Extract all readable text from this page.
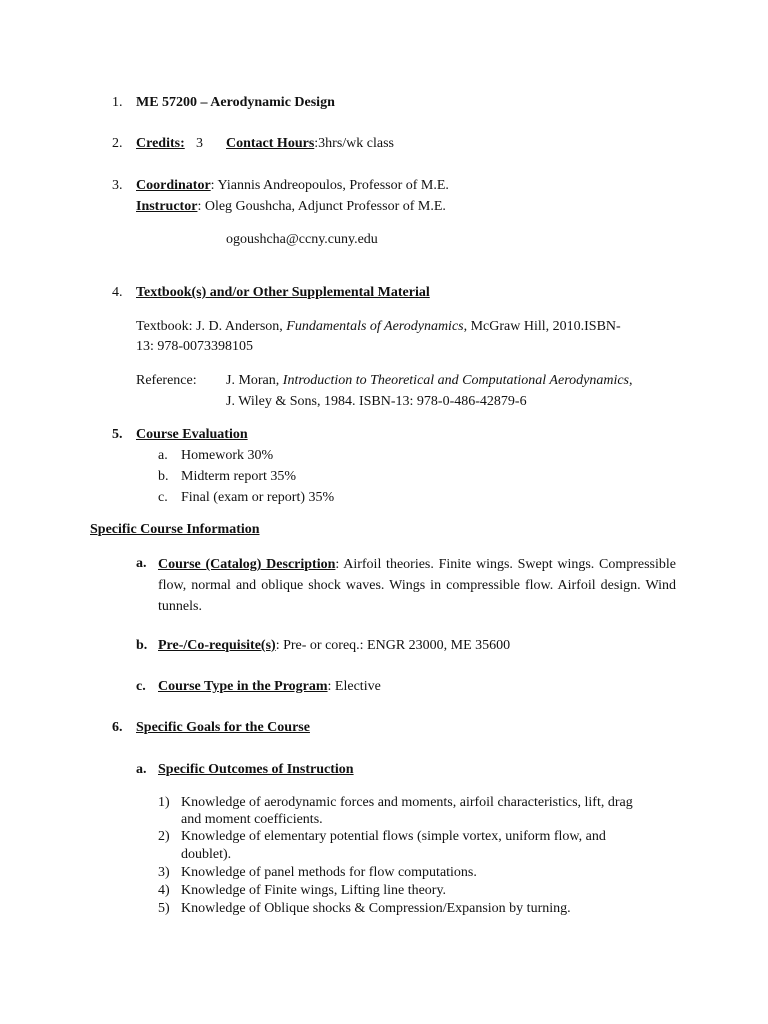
1. ME 57200 – Aerodynamic Design
2. Credits: 3 Contact Hours:3hrs/wk class
3. Coordinator: Yiannis Andreopoulos, Professor of M.E.
Instructor: Oleg Goushcha, Adjunct Professor of M.E.
ogoushcha@ccny.cuny.edu
4. Textbook(s) and/or Other Supplemental Material
Textbook: J. D. Anderson, Fundamentals of Aerodynamics, McGraw Hill, 2010.ISBN-
13: 978-0073398105
Reference: J. Moran, Introduction to Theoretical and Computational Aerodynamics,
J. Wiley & Sons, 1984. ISBN-13: 978-0-486-42879-6
5. Course Evaluation
a. Homework 30%
b. Midterm report 35%
c. Final (exam or report) 35%
Specific Course Information
a. Course (Catalog) Description: Airfoil theories. Finite wings. Swept wings. Compressible flow, normal and oblique shock waves. Wings in compressible flow. Airfoil design. Wind tunnels.
b. Pre-/Co-requisite(s): Pre- or coreq.: ENGR 23000, ME 35600
c. Course Type in the Program: Elective
6. Specific Goals for the Course
a. Specific Outcomes of Instruction
1) Knowledge of aerodynamic forces and moments, airfoil characteristics, lift, drag
and moment coefficients.
2) Knowledge of elementary potential flows (simple vortex, uniform flow, and
doublet).
3) Knowledge of panel methods for flow computations.
4) Knowledge of Finite wings, Lifting line theory.
5) Knowledge of Oblique shocks & Compression/Expansion by turning.
